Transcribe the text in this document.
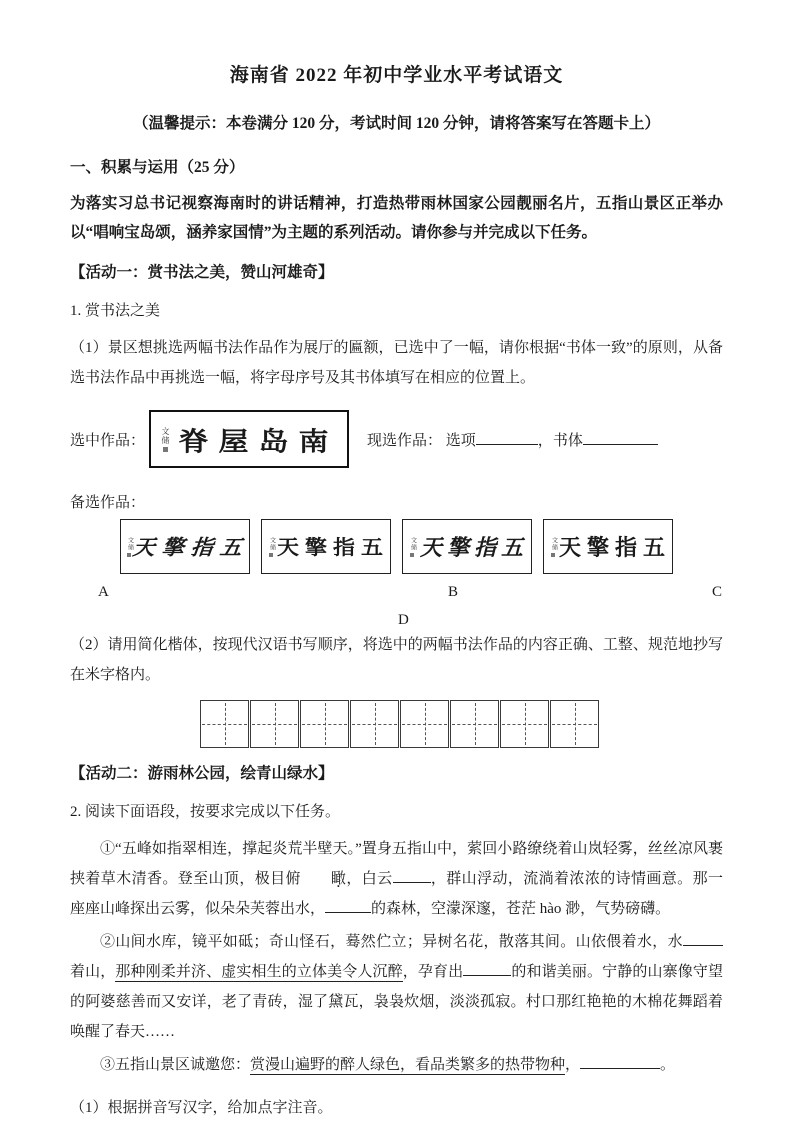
海南省 2022 年初中学业水平考试语文

（温馨提示：本卷满分 120 分，考试时间 120 分钟，请将答案写在答题卡上）

一、积累与运用（25 分）

为落实习总书记视察海南时的讲话精神，打造热带雨林国家公园靓丽名片，五指山景区正举办以“唱响宝岛颂，涵养家国情”为主题的系列活动。请你参与并完成以下任务。

【活动一：赏书法之美，赞山河雄奇】

1. 赏书法之美

（1）景区想挑选两幅书法作品作为展厅的匾额，已选中了一幅，请你根据“书体一致”的原则，从备选书法作品中再挑选一幅，将字母序号及其书体填写在相应的位置上。

选中作品： 文储 脊屋岛南	现选作品： 选项	，书体

备选作品：

文储 天擎指五	文储 天擎指五	文储 天擎指五	文储 天擎指五
A	B	C
D

（2）请用简化楷体，按现代汉语书写顺序，将选中的两幅书法作品的内容正确、工整、规范地抄写在米字格内。

【活动二：游雨林公园，绘青山绿水】

2. 阅读下面语段，按要求完成以下任务。

①“五峰如指翠相连，撑起炎荒半壁天。”置身五指山中，萦回小路缭绕着山岚轻雾，丝丝凉风裹挟着草木清香。登至山顶，极目俯 瞰 ·，白云	，群山浮动，流淌着浓浓的诗情画意。那一座座山峰探出云雾，似朵朵芙蓉出水，	的森林，空濛深邃，苍茫 hào 渺，气势磅礴。

②山间水库，镜平如砥；奇山怪石，蓦然伫立；异树名花，散落其间。山依偎着水，水着山，那种刚柔并济、虚实相生的立体美令人沉醉，孕育出	的和谐美丽。宁静的山寨像守望的阿婆慈善而又安详，老了青砖，湿了黛瓦，袅袅炊烟，淡淡孤寂。村口那红艳艳的木棉花舞蹈着唤醒了春天……

③五指山景区诚邀您：赏漫山遍野的醉人绿色，看品类繁多的热带物种，	。

（1）根据拼音写汉字，给加点字注音。
